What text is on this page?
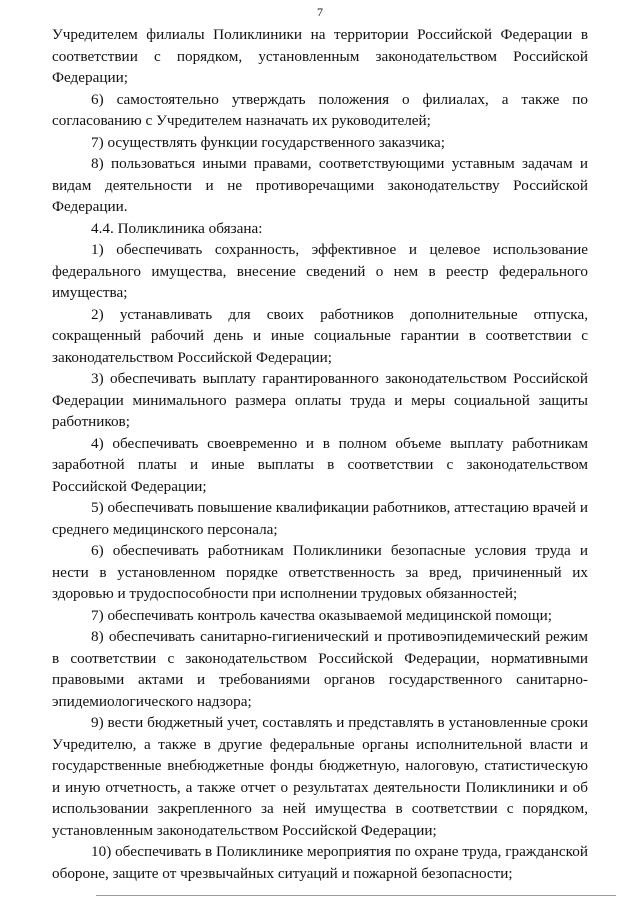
7

Учредителем филиалы Поликлиники на территории Российской Федерации в соответствии с порядком, установленным законодательством Российской Федерации;

6) самостоятельно утверждать положения о филиалах, а также по согласованию с Учредителем назначать их руководителей;

7) осуществлять функции государственного заказчика;

8) пользоваться иными правами, соответствующими уставным задачам и видам деятельности и не противоречащими законодательству Российской Федерации.

4.4. Поликлиника обязана:

1) обеспечивать сохранность, эффективное и целевое использование федерального имущества, внесение сведений о нем в реестр федерального имущества;

2) устанавливать для своих работников дополнительные отпуска, сокращенный рабочий день и иные социальные гарантии в соответствии с законодательством Российской Федерации;

3) обеспечивать выплату гарантированного законодательством Российской Федерации минимального размера оплаты труда и меры социальной защиты работников;

4) обеспечивать своевременно и в полном объеме выплату работникам заработной платы и иные выплаты в соответствии с законодательством Российской Федерации;

5) обеспечивать повышение квалификации работников, аттестацию врачей и среднего медицинского персонала;

6) обеспечивать работникам Поликлиники безопасные условия труда и нести в установленном порядке ответственность за вред, причиненный их здоровью и трудоспособности при исполнении трудовых обязанностей;

7) обеспечивать контроль качества оказываемой медицинской помощи;

8) обеспечивать санитарно-гигиенический и противоэпидемический режим в соответствии с законодательством Российской Федерации, нормативными правовыми актами и требованиями органов государственного санитарно-эпидемиологического надзора;

9) вести бюджетный учет, составлять и представлять в установленные сроки Учредителю, а также в другие федеральные органы исполнительной власти и государственные внебюджетные фонды бюджетную, налоговую, статистическую и иную отчетность, а также отчет о результатах деятельности Поликлиники и об использовании закрепленного за ней имущества в соответствии с порядком, установленным законодательством Российской Федерации;

10) обеспечивать в Поликлинике мероприятия по охране труда, гражданской обороне, защите от чрезвычайных ситуаций и пожарной безопасности;
